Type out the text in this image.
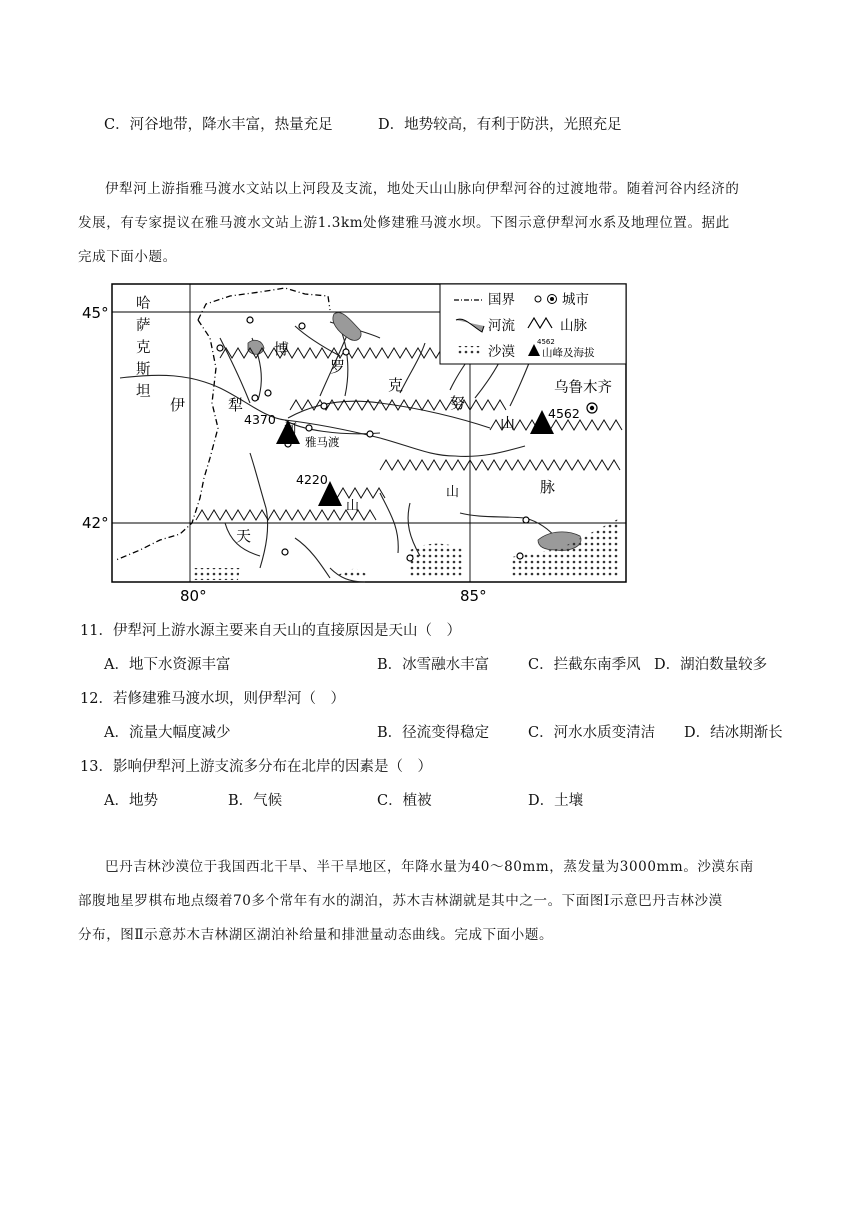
C．河谷地带，降水丰富，热量充足	D．地势较高，有利于防洪，光照充足

伊犁河上游指雅马渡水文站以上河段及支流，地处天山山脉向伊犁河谷的过渡地带。随着河谷内经济的

发展，有专家提议在雅马渡水文站上游1.3km处修建雅马渡水坝。下图示意伊犁河水系及地理位置。据此

完成下面小题。

45°
42°
80°	85°
4370
4220
4562
哈
萨
克
斯
坦
伊	犁
河
博
罗
克
努
山
天
山
山	脉
雅马渡
乌鲁木齐
国界	城市
河流	山脉
沙漠
4562
山峰及海拔
11．伊犁河上游水源主要来自天山的直接原因是天山（　）
A．地下水资源丰富	B．冰雪融水丰富	C．拦截东南季风 D．湖泊数量较多
12．若修建雅马渡水坝，则伊犁河（　）
A．流量大幅度减少	B．径流变得稳定	C．河水水质变清洁 D．结冰期渐长
13．影响伊犁河上游支流多分布在北岸的因素是（　）
A．地势	B．气候	C．植被	D．土壤

巴丹吉林沙漠位于我国西北干旱、半干旱地区，年降水量为40～80mm，蒸发量为3000mm。沙漠东南

部腹地星罗棋布地点缀着70多个常年有水的湖泊，苏木吉林湖就是其中之一。下面图Ⅰ示意巴丹吉林沙漠

分布，图Ⅱ示意苏木吉林湖区湖泊补给量和排泄量动态曲线。完成下面小题。
